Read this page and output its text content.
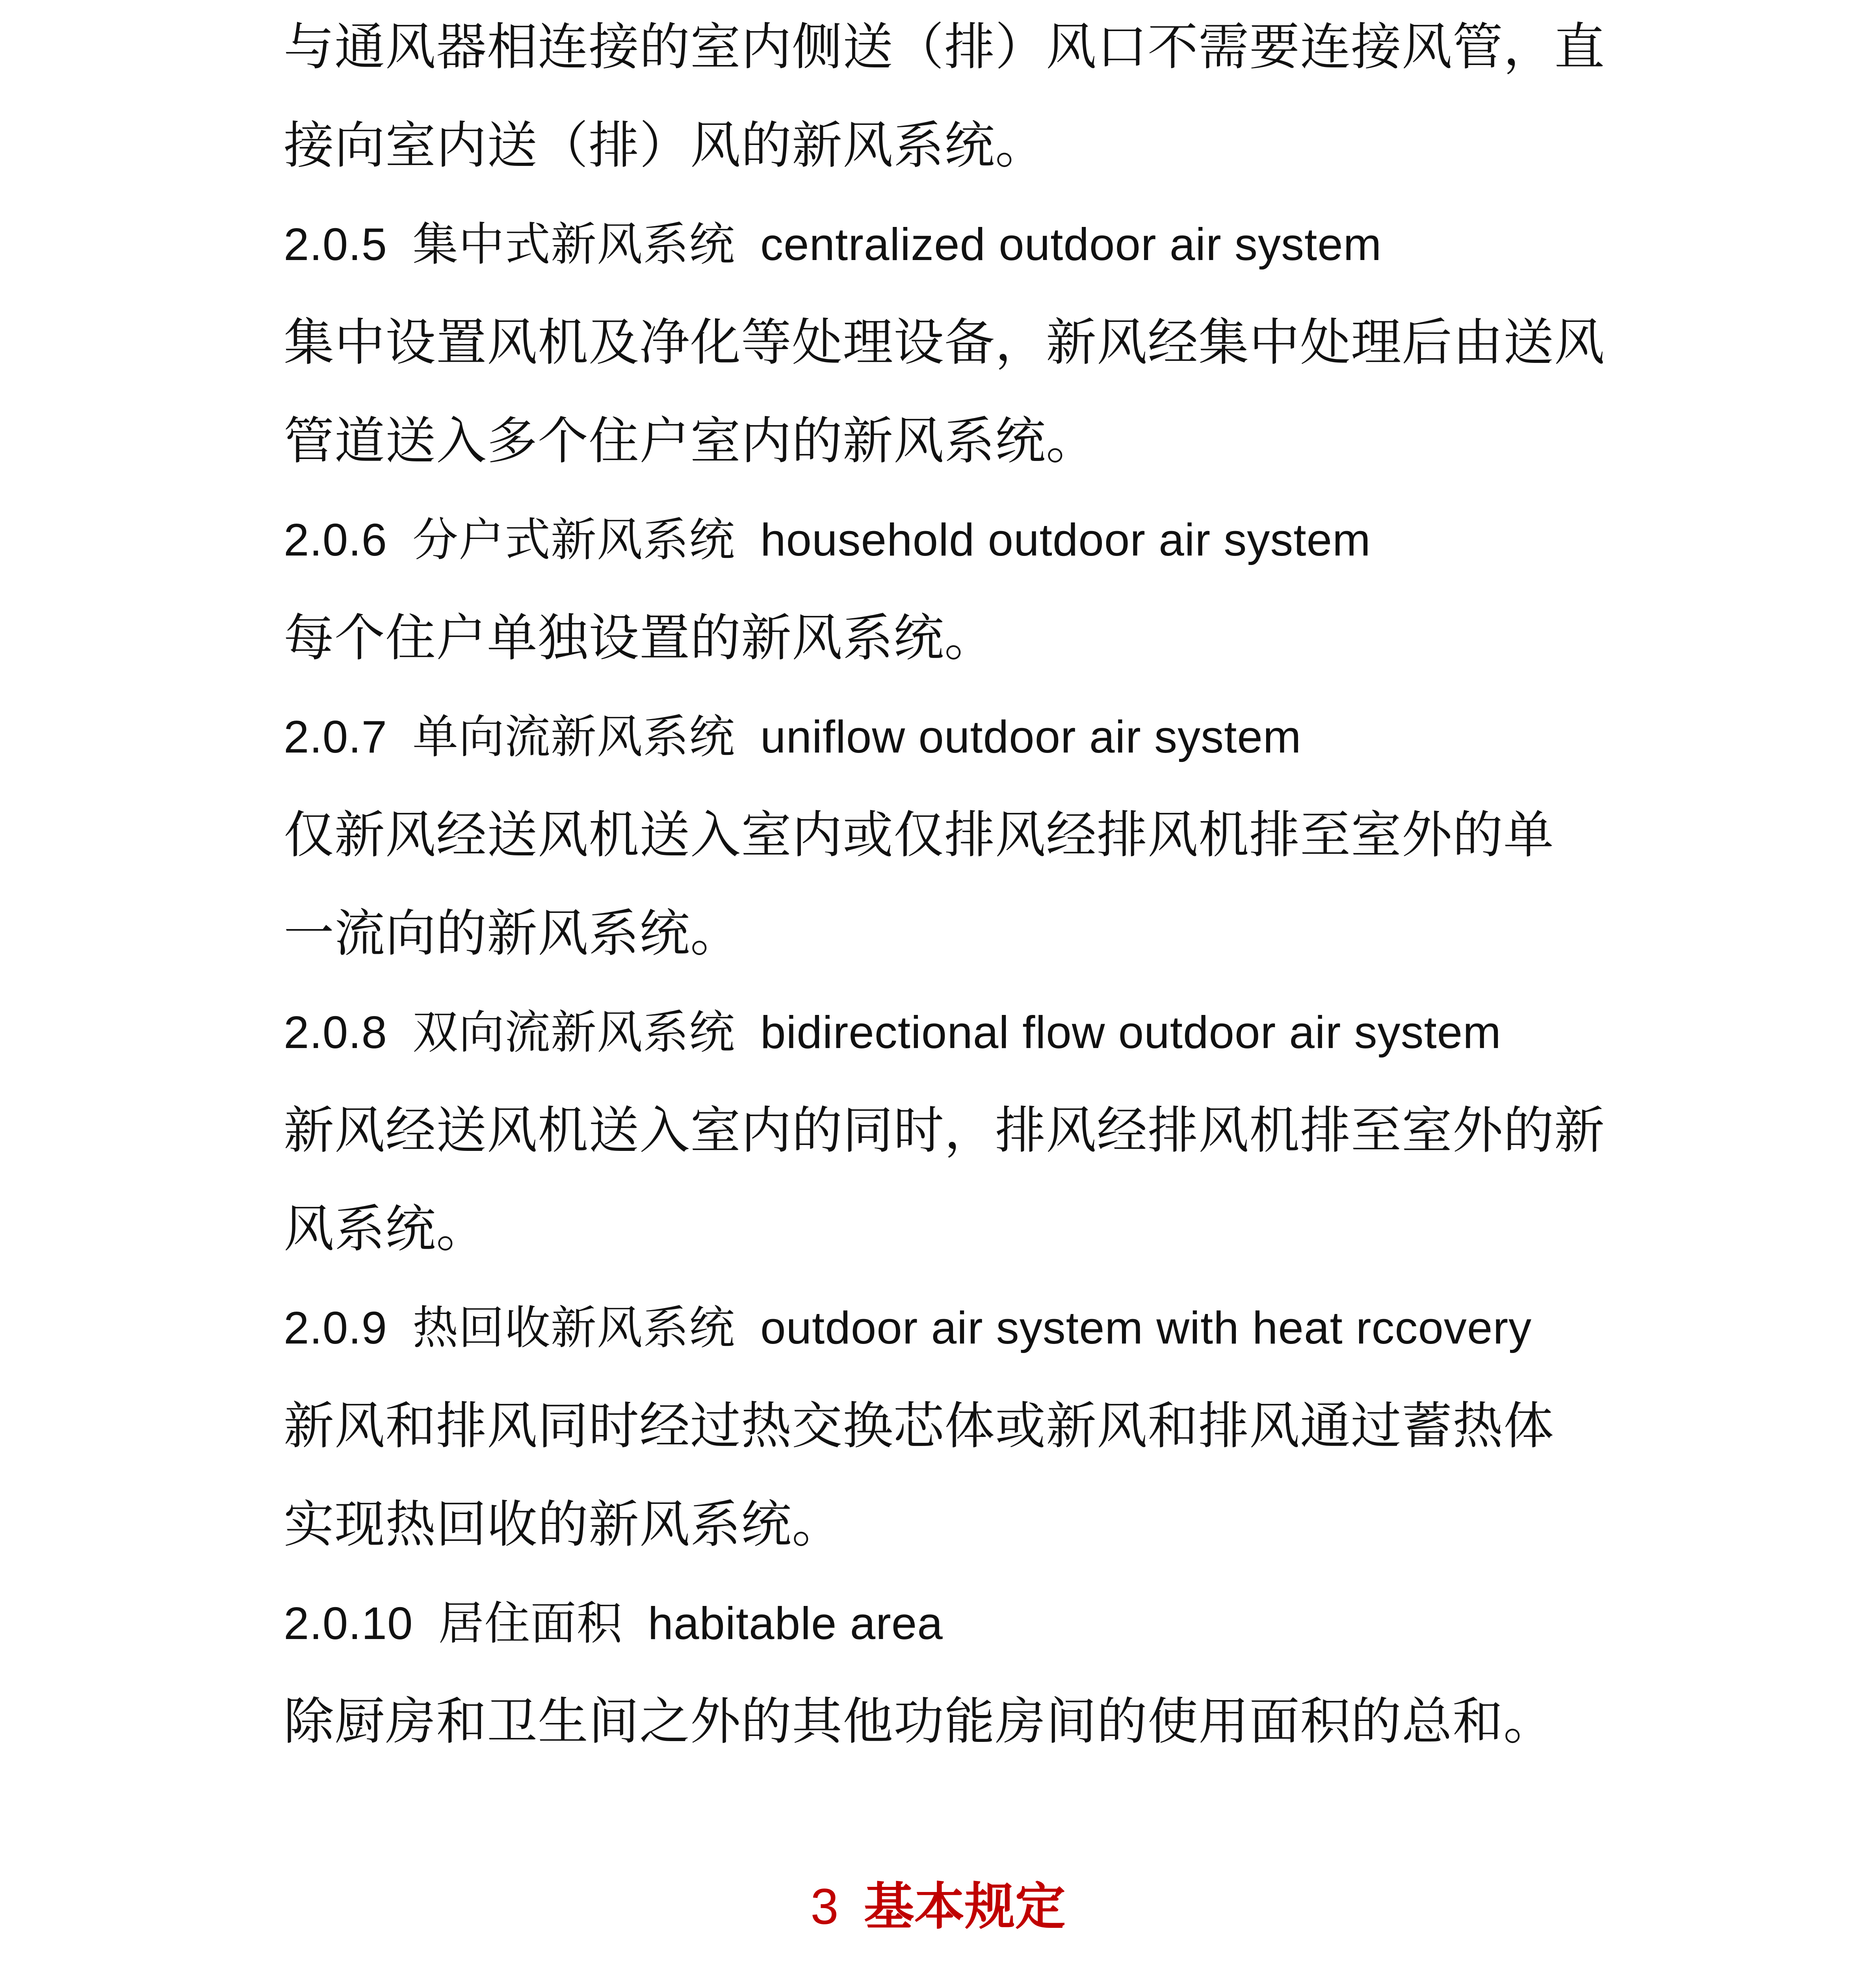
与通风器相连接的室内侧送（排）风口不需要连接风管，直
接向室内送（排）风的新风系统。
2.0.5 集中式新风系统 centralized outdoor air system
集中设置风机及净化等处理设备，新风经集中处理后由送风
管道送入多个住户室内的新风系统。
2.0.6 分户式新风系统 household outdoor air system
每个住户单独设置的新风系统。
2.0.7 单向流新风系统 uniflow outdoor air system
仅新风经送风机送入室内或仅排风经排风机排至室外的单
一流向的新风系统。
2.0.8 双向流新风系统 bidirectional flow outdoor air system
新风经送风机送入室内的同时，排风经排风机排至室外的新
风系统。
2.0.9 热回收新风系统 outdoor air system with heat rccovery
新风和排风同时经过热交换芯体或新风和排风通过蓄热体
实现热回收的新风系统。
2.0.10 居住面积 habitable area
除厨房和卫生间之外的其他功能房间的使用面积的总和。
3 基本规定
